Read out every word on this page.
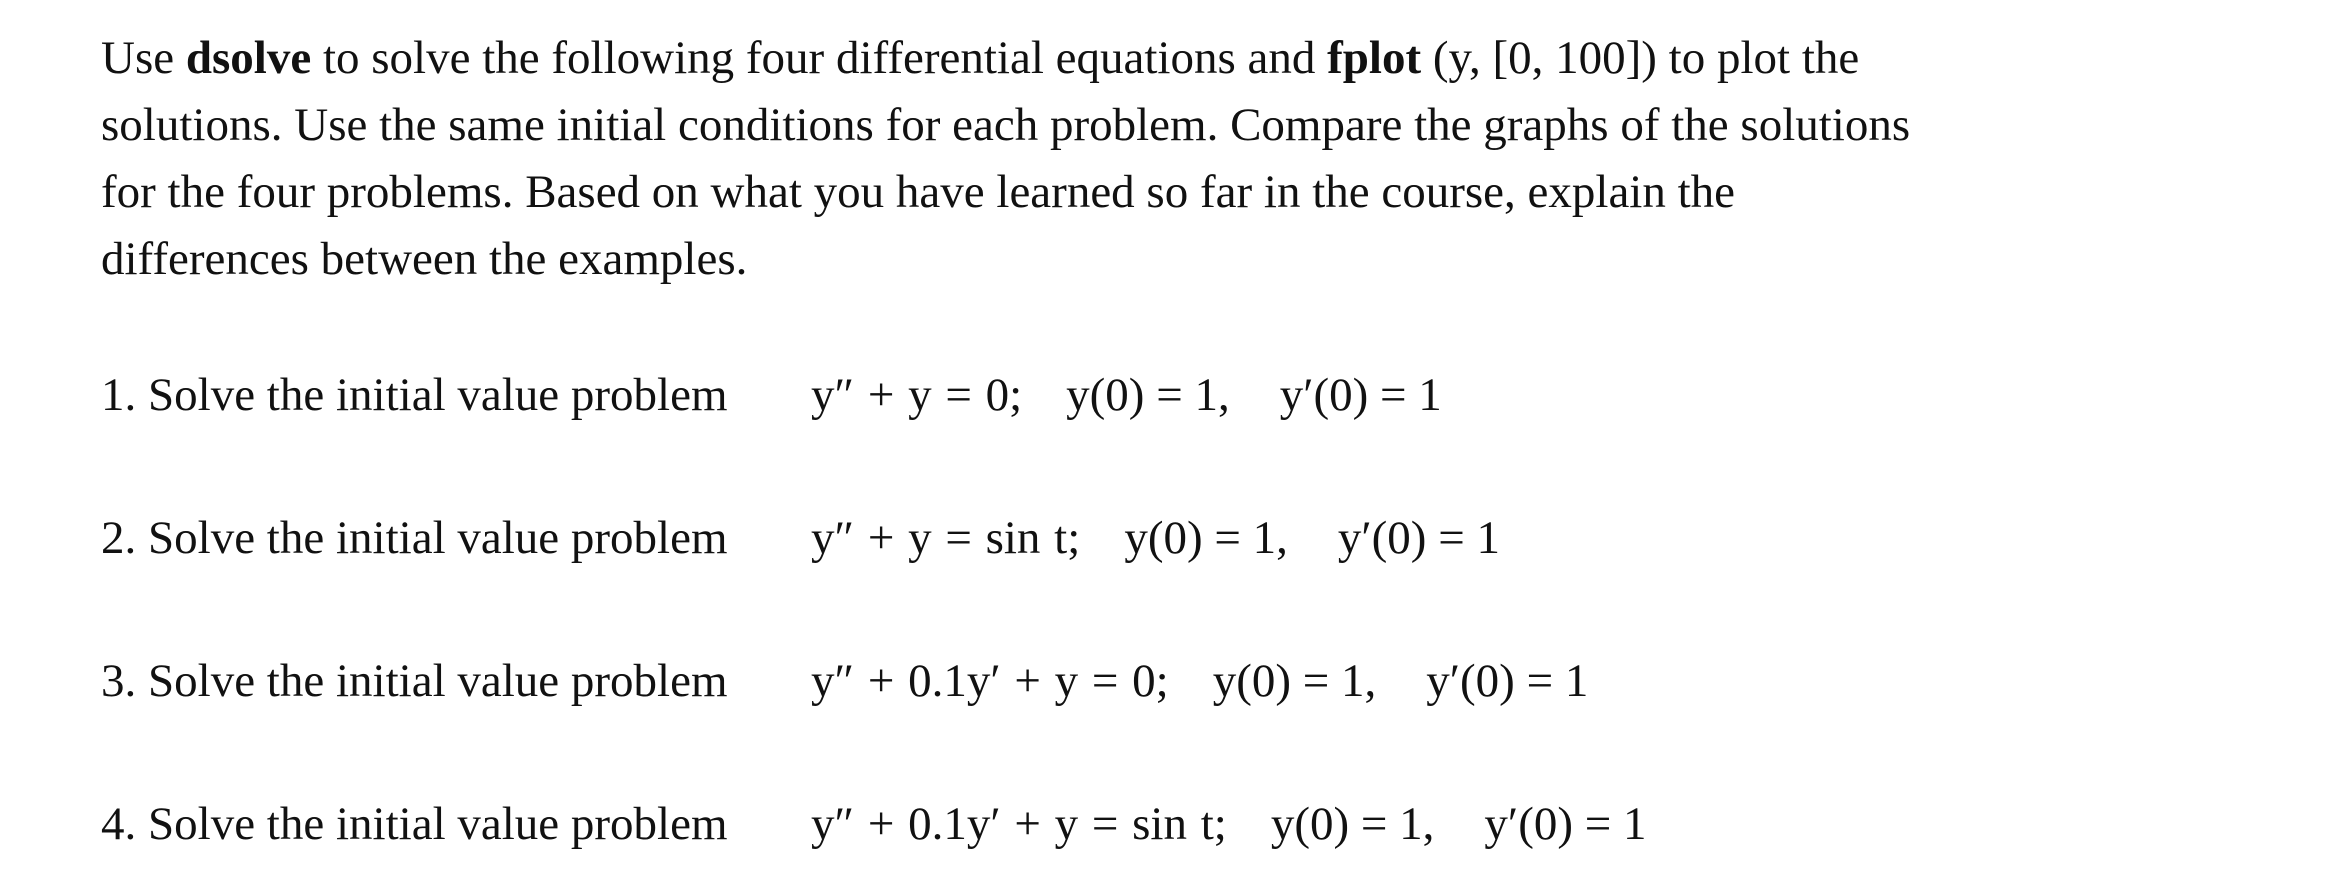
Use dsolve to solve the following four differential equations and fplot (y, [0, 100]) to plot the
solutions. Use the same initial conditions for each problem. Compare the graphs of the solutions
for the four problems. Based on what you have learned so far in the course, explain the
differences between the examples.
1. Solve the initial value problem y″ + y = 0; y(0) = 1, y′(0) = 1
2. Solve the initial value problem y″ + y = sin t; y(0) = 1, y′(0) = 1
3. Solve the initial value problem y″ + 0.1y′ + y = 0; y(0) = 1, y′(0) = 1
4. Solve the initial value problem y″ + 0.1y′ + y = sin t; y(0) = 1, y′(0) = 1
